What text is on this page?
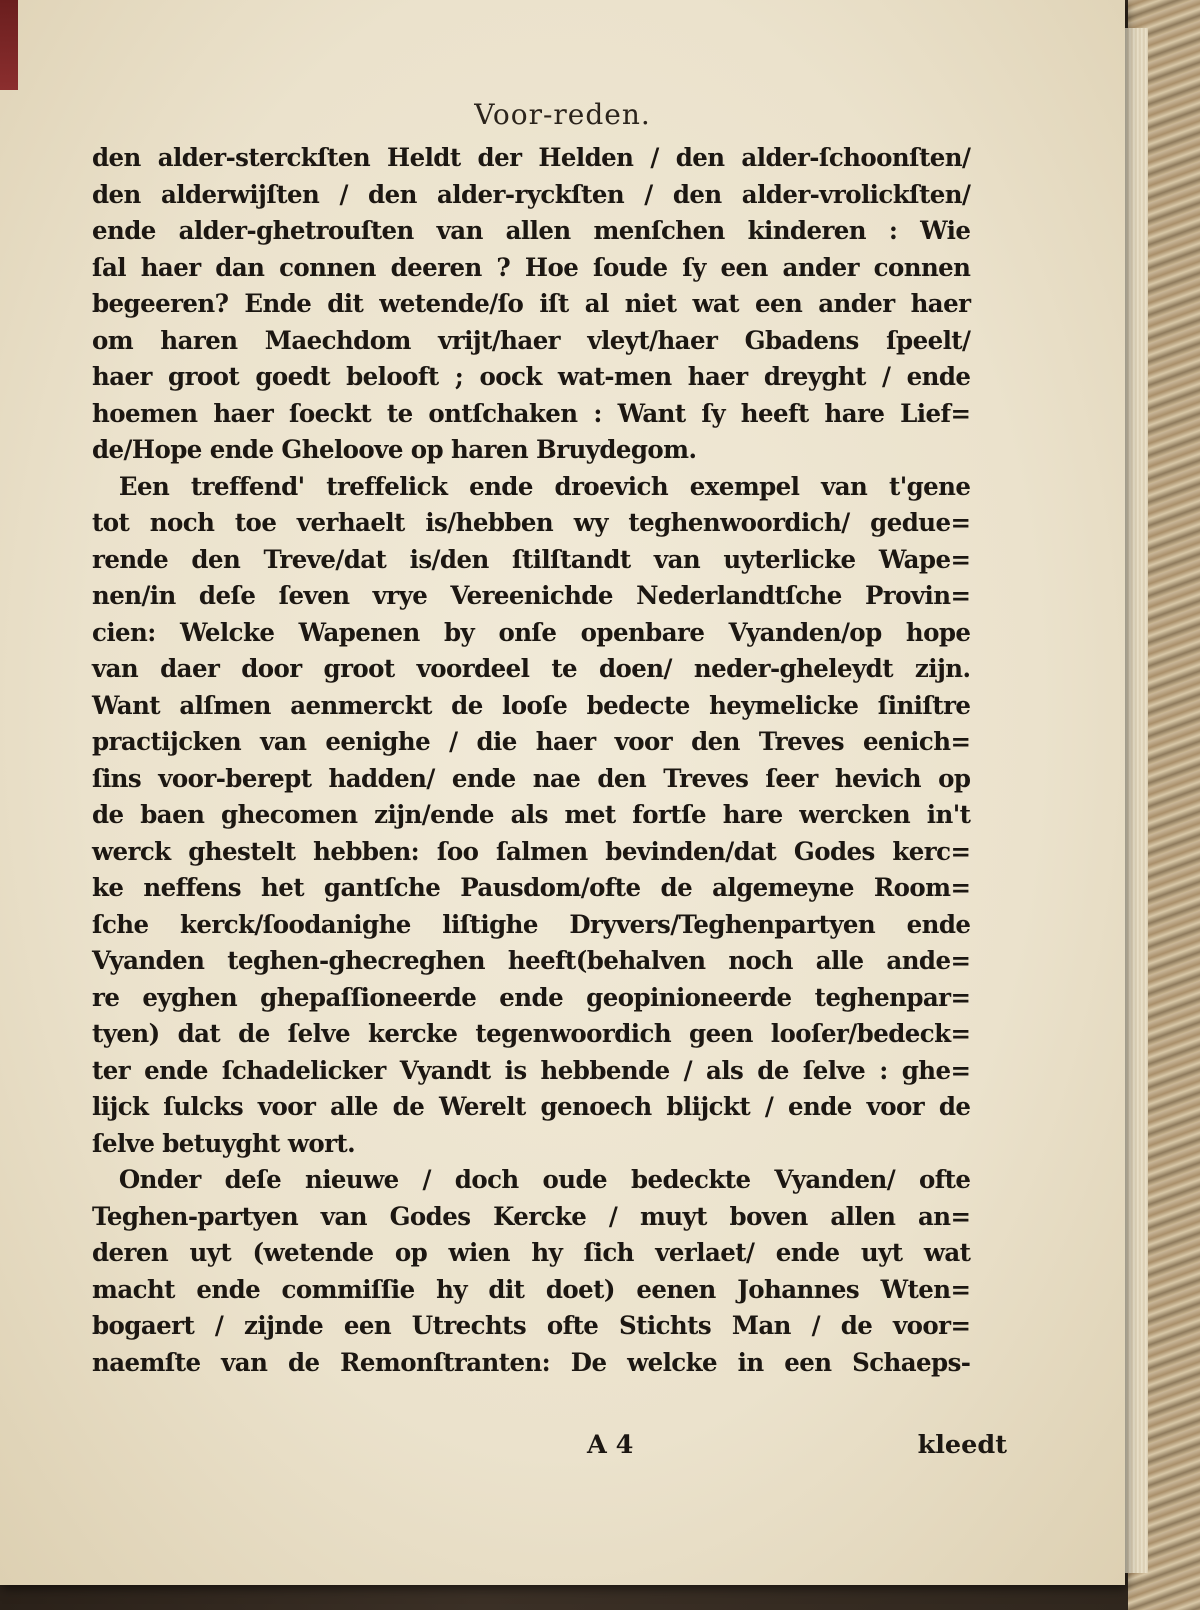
Voor-reden.
den alder-sterckſten Heldt der Helden / den alder-ſchoonſten/
den alderwijſten / den alder-ryckſten / den alder-vrolickſten/
ende alder-ghetrouſten van allen menſchen kinderen : Wie
ſal haer dan connen deeren ? Hoe ſoude ſy een ander connen
begeeren? Ende dit wetende/ſo iſt al niet wat een ander haer
om haren Maechdom vrijt/haer vleyt/haer Gbadens ſpeelt/
haer groot goedt belooft ; oock wat-men haer dreyght / ende
hoemen haer ſoeckt te ontſchaken : Want ſy heeft hare Lief=
de/Hope ende Gheloove op haren Bruydegom.
Een treffend' treffelick ende droevich exempel van t'gene
tot noch toe verhaelt is/hebben wy teghenwoordich/ gedue=
rende den Treve/dat is/den ſtilſtandt van uyterlicke Wape=
nen/in deſe ſeven vrye Vereenichde Nederlandtſche Provin=
cien: Welcke Wapenen by onſe openbare Vyanden/op hope
van daer door groot voordeel te doen/ neder-gheleydt zijn.
Want alſmen aenmerckt de looſe bedecte heymelicke ſiniſtre
practijcken van eenighe / die haer voor den Treves eenich=
ſins voor-berept hadden/ ende nae den Treves ſeer hevich op
de baen ghecomen zijn/ende als met fortſe hare wercken in't
werck ghestelt hebben: ſoo ſalmen bevinden/dat Godes kerc=
ke neffens het gantſche Pausdom/ofte de algemeyne Room=
ſche kerck/ſoodanighe liſtighe Dryvers/Teghenpartyen ende
Vyanden teghen-ghecreghen heeft(behalven noch alle ande=
re eyghen ghepaſſioneerde ende geopinioneerde teghenpar=
tyen) dat de ſelve kercke tegenwoordich geen looſer/bedeck=
ter ende ſchadelicker Vyandt is hebbende / als de ſelve : ghe=
lijck ſulcks voor alle de Werelt genoech blijckt / ende voor de
ſelve betuyght wort.
Onder deſe nieuwe / doch oude bedeckte Vyanden/ ofte
Teghen-partyen van Godes Kercke / muyt boven allen an=
deren uyt (wetende op wien hy ſich verlaet/ ende uyt wat
macht ende commiſſie hy dit doet) eenen Johannes Wten=
bogaert / zijnde een Utrechts ofte Stichts Man / de voor=
naemſte van de Remonſtranten: De welcke in een Schaeps-
A 4	kleedt
